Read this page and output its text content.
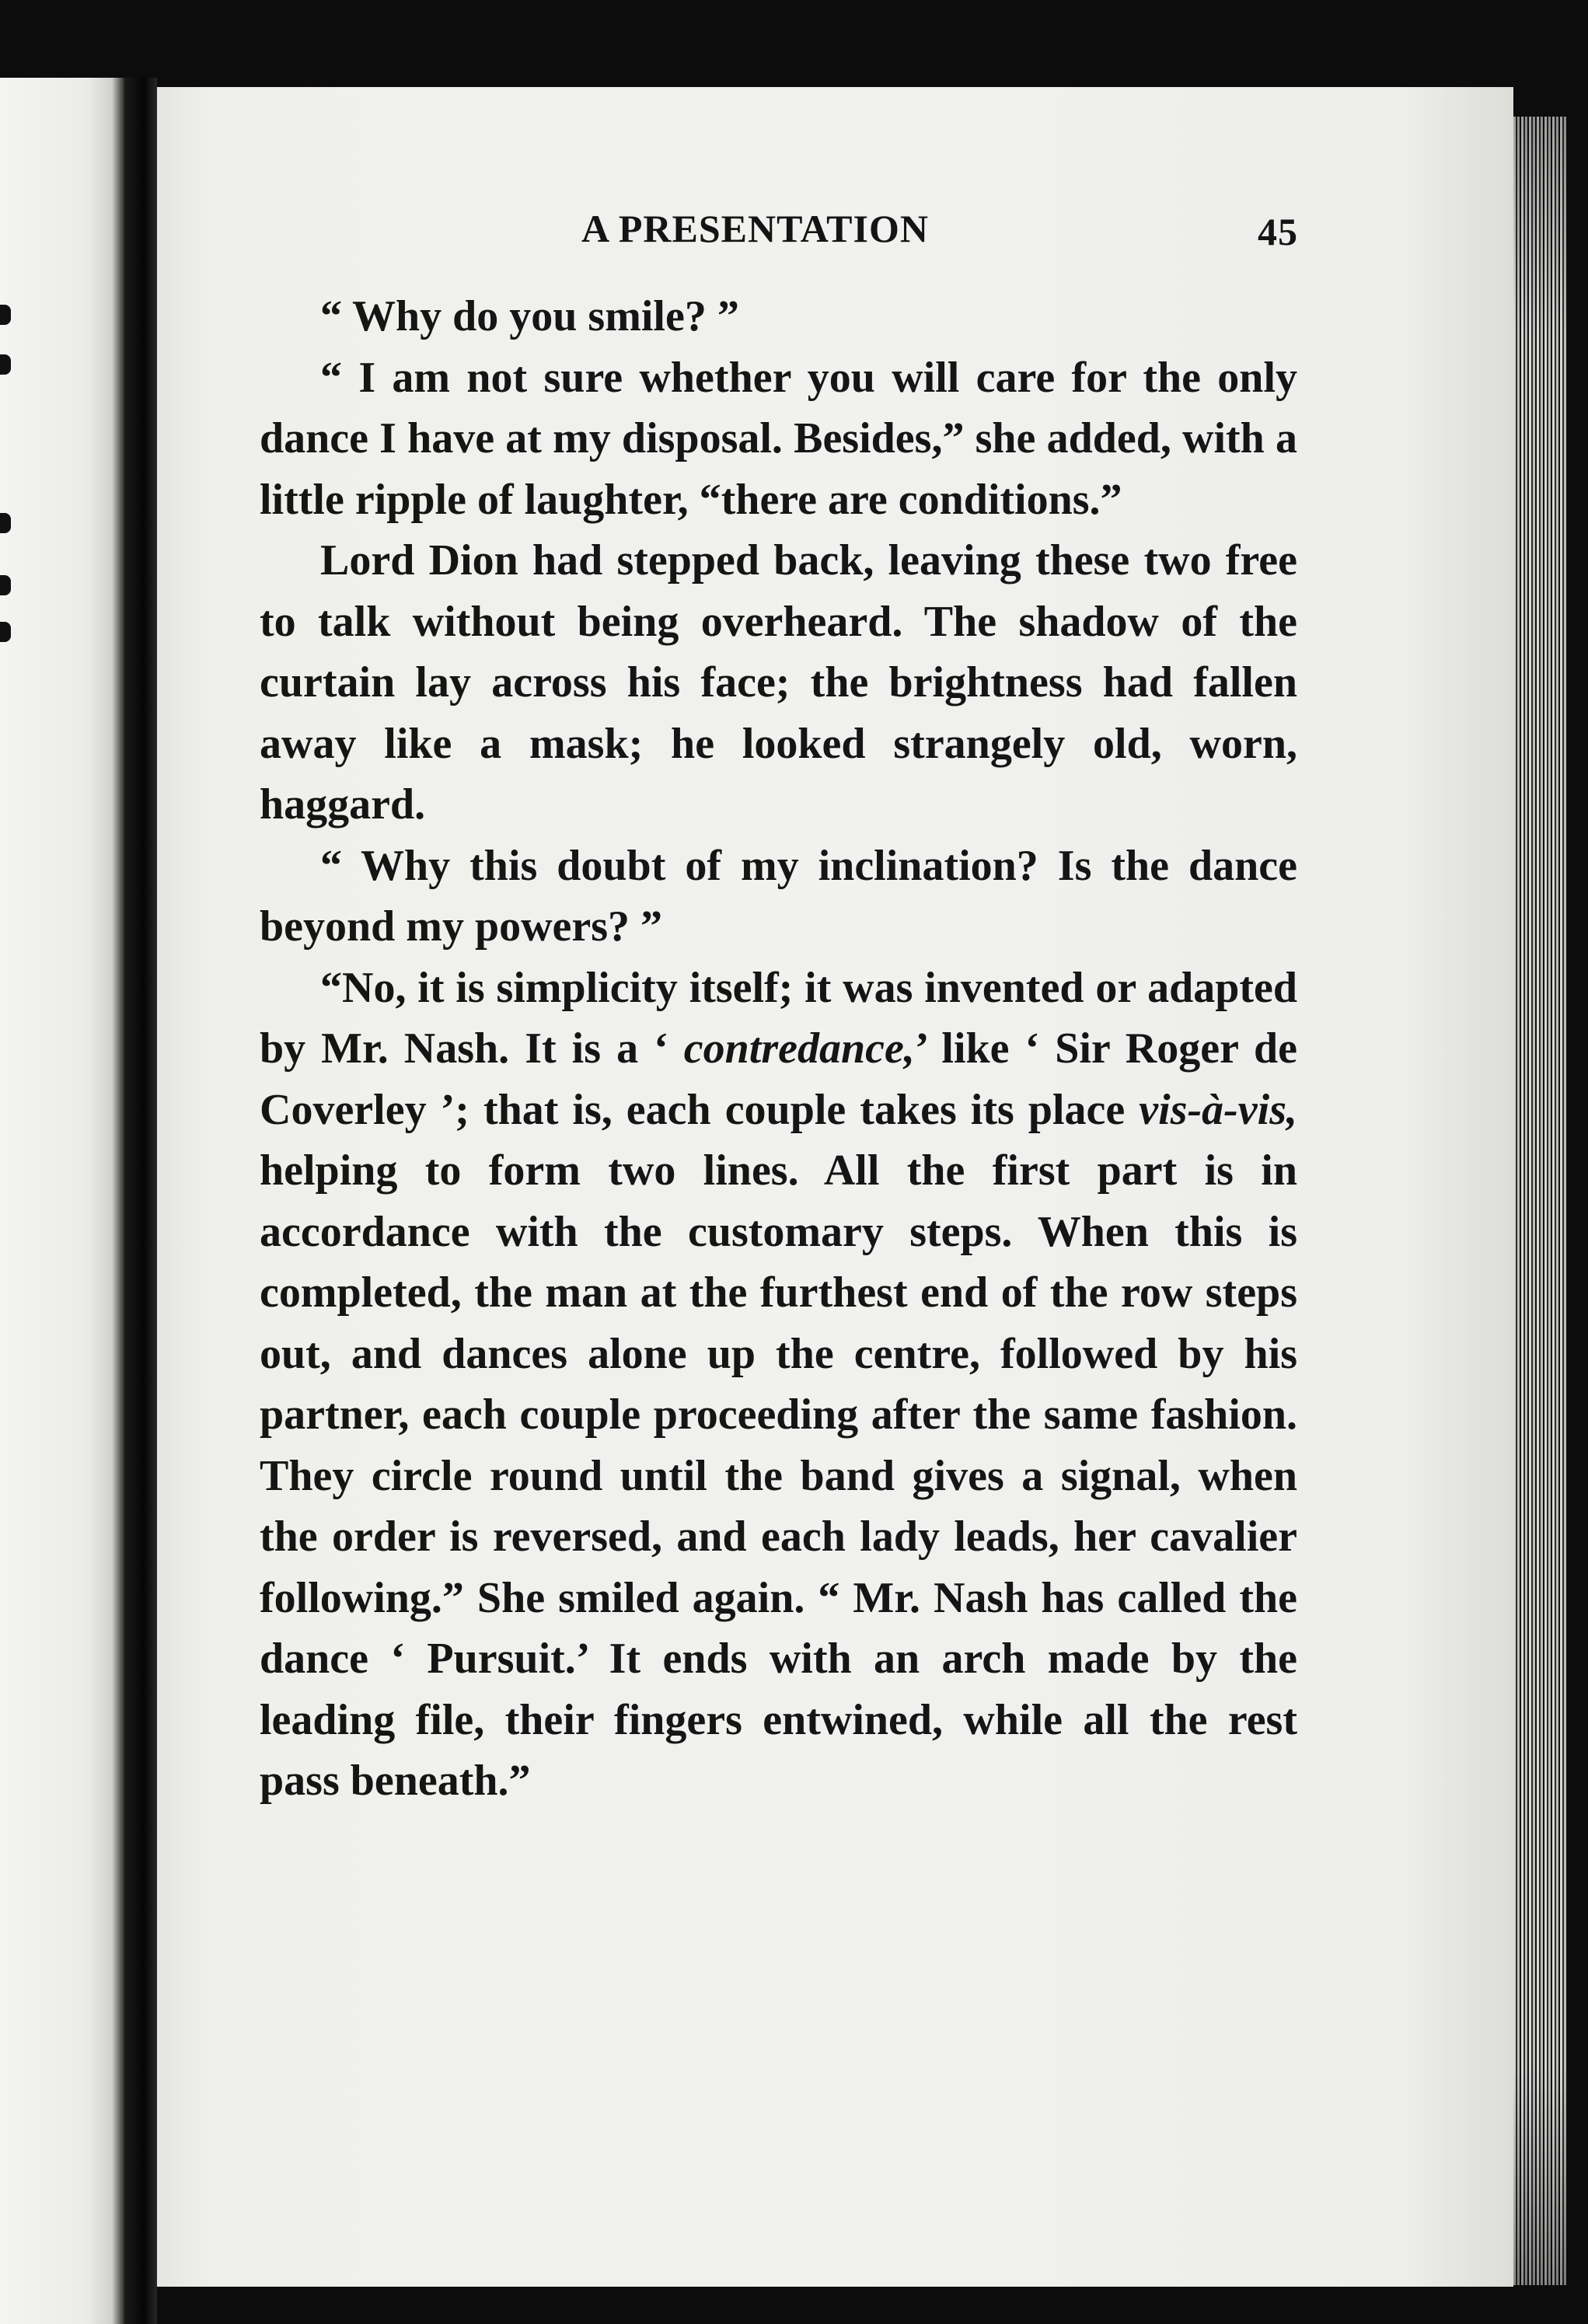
A PRESENTATION	45

“ Why do you smile? ”

“ I am not sure whether you will care for the only dance I have at my disposal. Besides,” she added, with a little ripple of laughter, “there are conditions.”

Lord Dion had stepped back, leaving these two free to talk without being overheard. The shadow of the curtain lay across his face; the brightness had fallen away like a mask; he looked strangely old, worn, haggard.

“ Why this doubt of my inclination? Is the dance beyond my powers? ”

“No, it is simplicity itself; it was invented or adapted by Mr. Nash. It is a ‘ contredance,’ like ‘ Sir Roger de Coverley ’; that is, each couple takes its place vis-à-vis, helping to form two lines. All the first part is in accordance with the customary steps. When this is completed, the man at the furthest end of the row steps out, and dances alone up the centre, followed by his partner, each couple proceeding after the same fashion. They circle round until the band gives a signal, when the order is reversed, and each lady leads, her cavalier following.” She smiled again. “ Mr. Nash has called the dance ‘ Pursuit.’ It ends with an arch made by the leading file, their fingers entwined, while all the rest pass beneath.”
